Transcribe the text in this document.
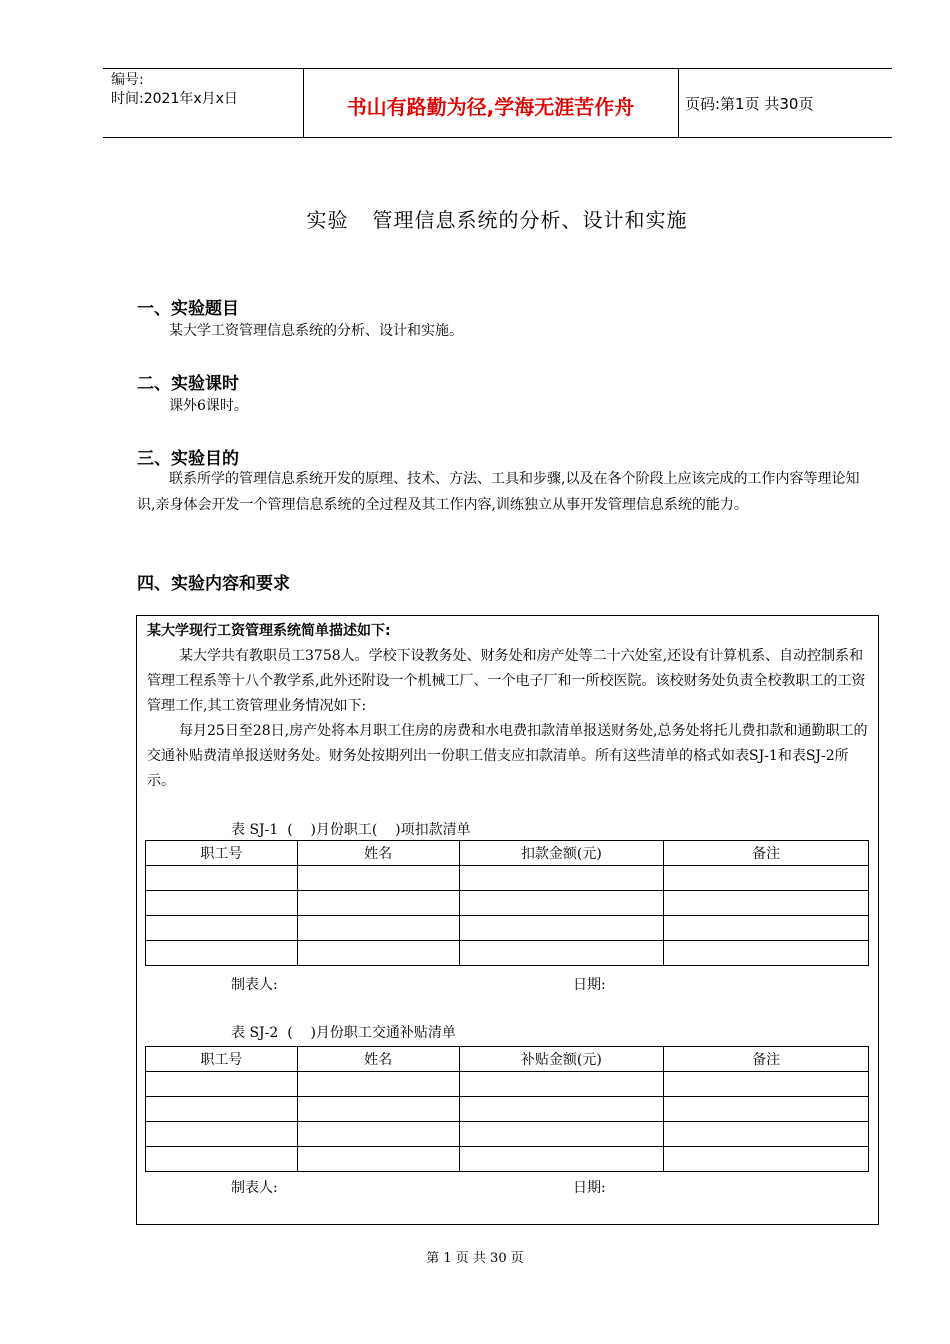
编号:
时间:2021年x月x日	书山有路勤为径,学海无涯苦作舟	页码:第1页 共30页
实验 管理信息系统的分析、设计和实施
一、实验题目
某大学工资管理信息系统的分析、设计和实施。
二、实验课时
课外6课时。
三、实验目的
联系所学的管理信息系统开发的原理、技术、方法、工具和步骤,以及在各个阶段上应该完成的工作内容等理论知识,亲身体会开发一个管理信息系统的全过程及其工作内容,训练独立从事开发管理信息系统的能力。
四、实验内容和要求
某大学现行工资管理系统简单描述如下:
某大学共有教职员工3758人。学校下设教务处、财务处和房产处等二十六处室,还设有计算机系、自动控制系和管理工程系等十八个教学系,此外还附设一个机械工厂、一个电子厂和一所校医院。该校财务处负责全校教职工的工资管理工作,其工资管理业务情况如下:
每月25日至28日,房产处将本月职工住房的房费和水电费扣款清单报送财务处,总务处将托儿费扣款和通勤职工的交通补贴费清单报送财务处。财务处按期列出一份职工借支应扣款清单。所有这些清单的格式如表SJ-1和表SJ-2所示。
表 SJ-1  (    )月份职工(    )项扣款清单
职工号	姓名	扣款金额(元)	备注

制表人:	日期:
表 SJ-2  (    )月份职工交通补贴清单
职工号	姓名	补贴金额(元)	备注

制表人:	日期:
第 1 页 共 30 页
